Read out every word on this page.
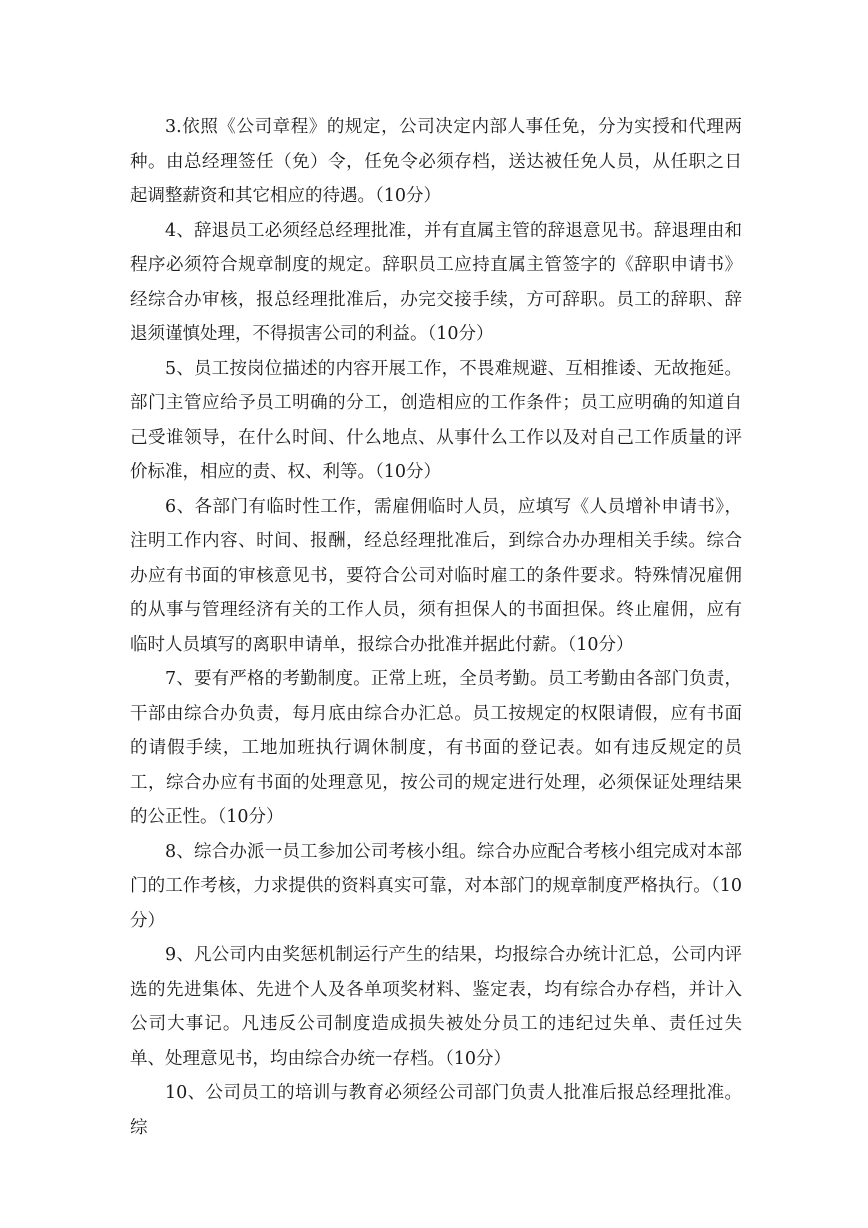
3.依照《公司章程》的规定，公司决定内部人事任免，分为实授和代理两种。由总经理签任（免）令，任免令必须存档，送达被任免人员，从任职之日起调整薪资和其它相应的待遇。（10分）

4、辞退员工必须经总经理批准，并有直属主管的辞退意见书。辞退理由和程序必须符合规章制度的规定。辞职员工应持直属主管签字的《辞职申请书》经综合办审核，报总经理批准后，办完交接手续，方可辞职。员工的辞职、辞退须谨慎处理，不得损害公司的利益。（10分）

5、员工按岗位描述的内容开展工作，不畏难规避、互相推诿、无故拖延。部门主管应给予员工明确的分工，创造相应的工作条件；员工应明确的知道自己受谁领导，在什么时间、什么地点、从事什么工作以及对自己工作质量的评价标准，相应的责、权、利等。（10分）

6、各部门有临时性工作，需雇佣临时人员，应填写《人员增补申请书》，注明工作内容、时间、报酬，经总经理批准后，到综合办办理相关手续。综合办应有书面的审核意见书，要符合公司对临时雇工的条件要求。特殊情况雇佣的从事与管理经济有关的工作人员，须有担保人的书面担保。终止雇佣，应有临时人员填写的离职申请单，报综合办批准并据此付薪。（10分）

7、要有严格的考勤制度。正常上班，全员考勤。员工考勤由各部门负责，干部由综合办负责，每月底由综合办汇总。员工按规定的权限请假，应有书面的请假手续，工地加班执行调休制度，有书面的登记表。如有违反规定的员工，综合办应有书面的处理意见，按公司的规定进行处理，必须保证处理结果的公正性。（10分）

8、综合办派一员工参加公司考核小组。综合办应配合考核小组完成对本部门的工作考核，力求提供的资料真实可靠，对本部门的规章制度严格执行。（10分）

9、凡公司内由奖惩机制运行产生的结果，均报综合办统计汇总，公司内评选的先进集体、先进个人及各单项奖材料、鉴定表，均有综合办存档，并计入公司大事记。凡违反公司制度造成损失被处分员工的违纪过失单、责任过失单、处理意见书，均由综合办统一存档。（10分）

10、公司员工的培训与教育必须经公司部门负责人批准后报总经理批准。综
